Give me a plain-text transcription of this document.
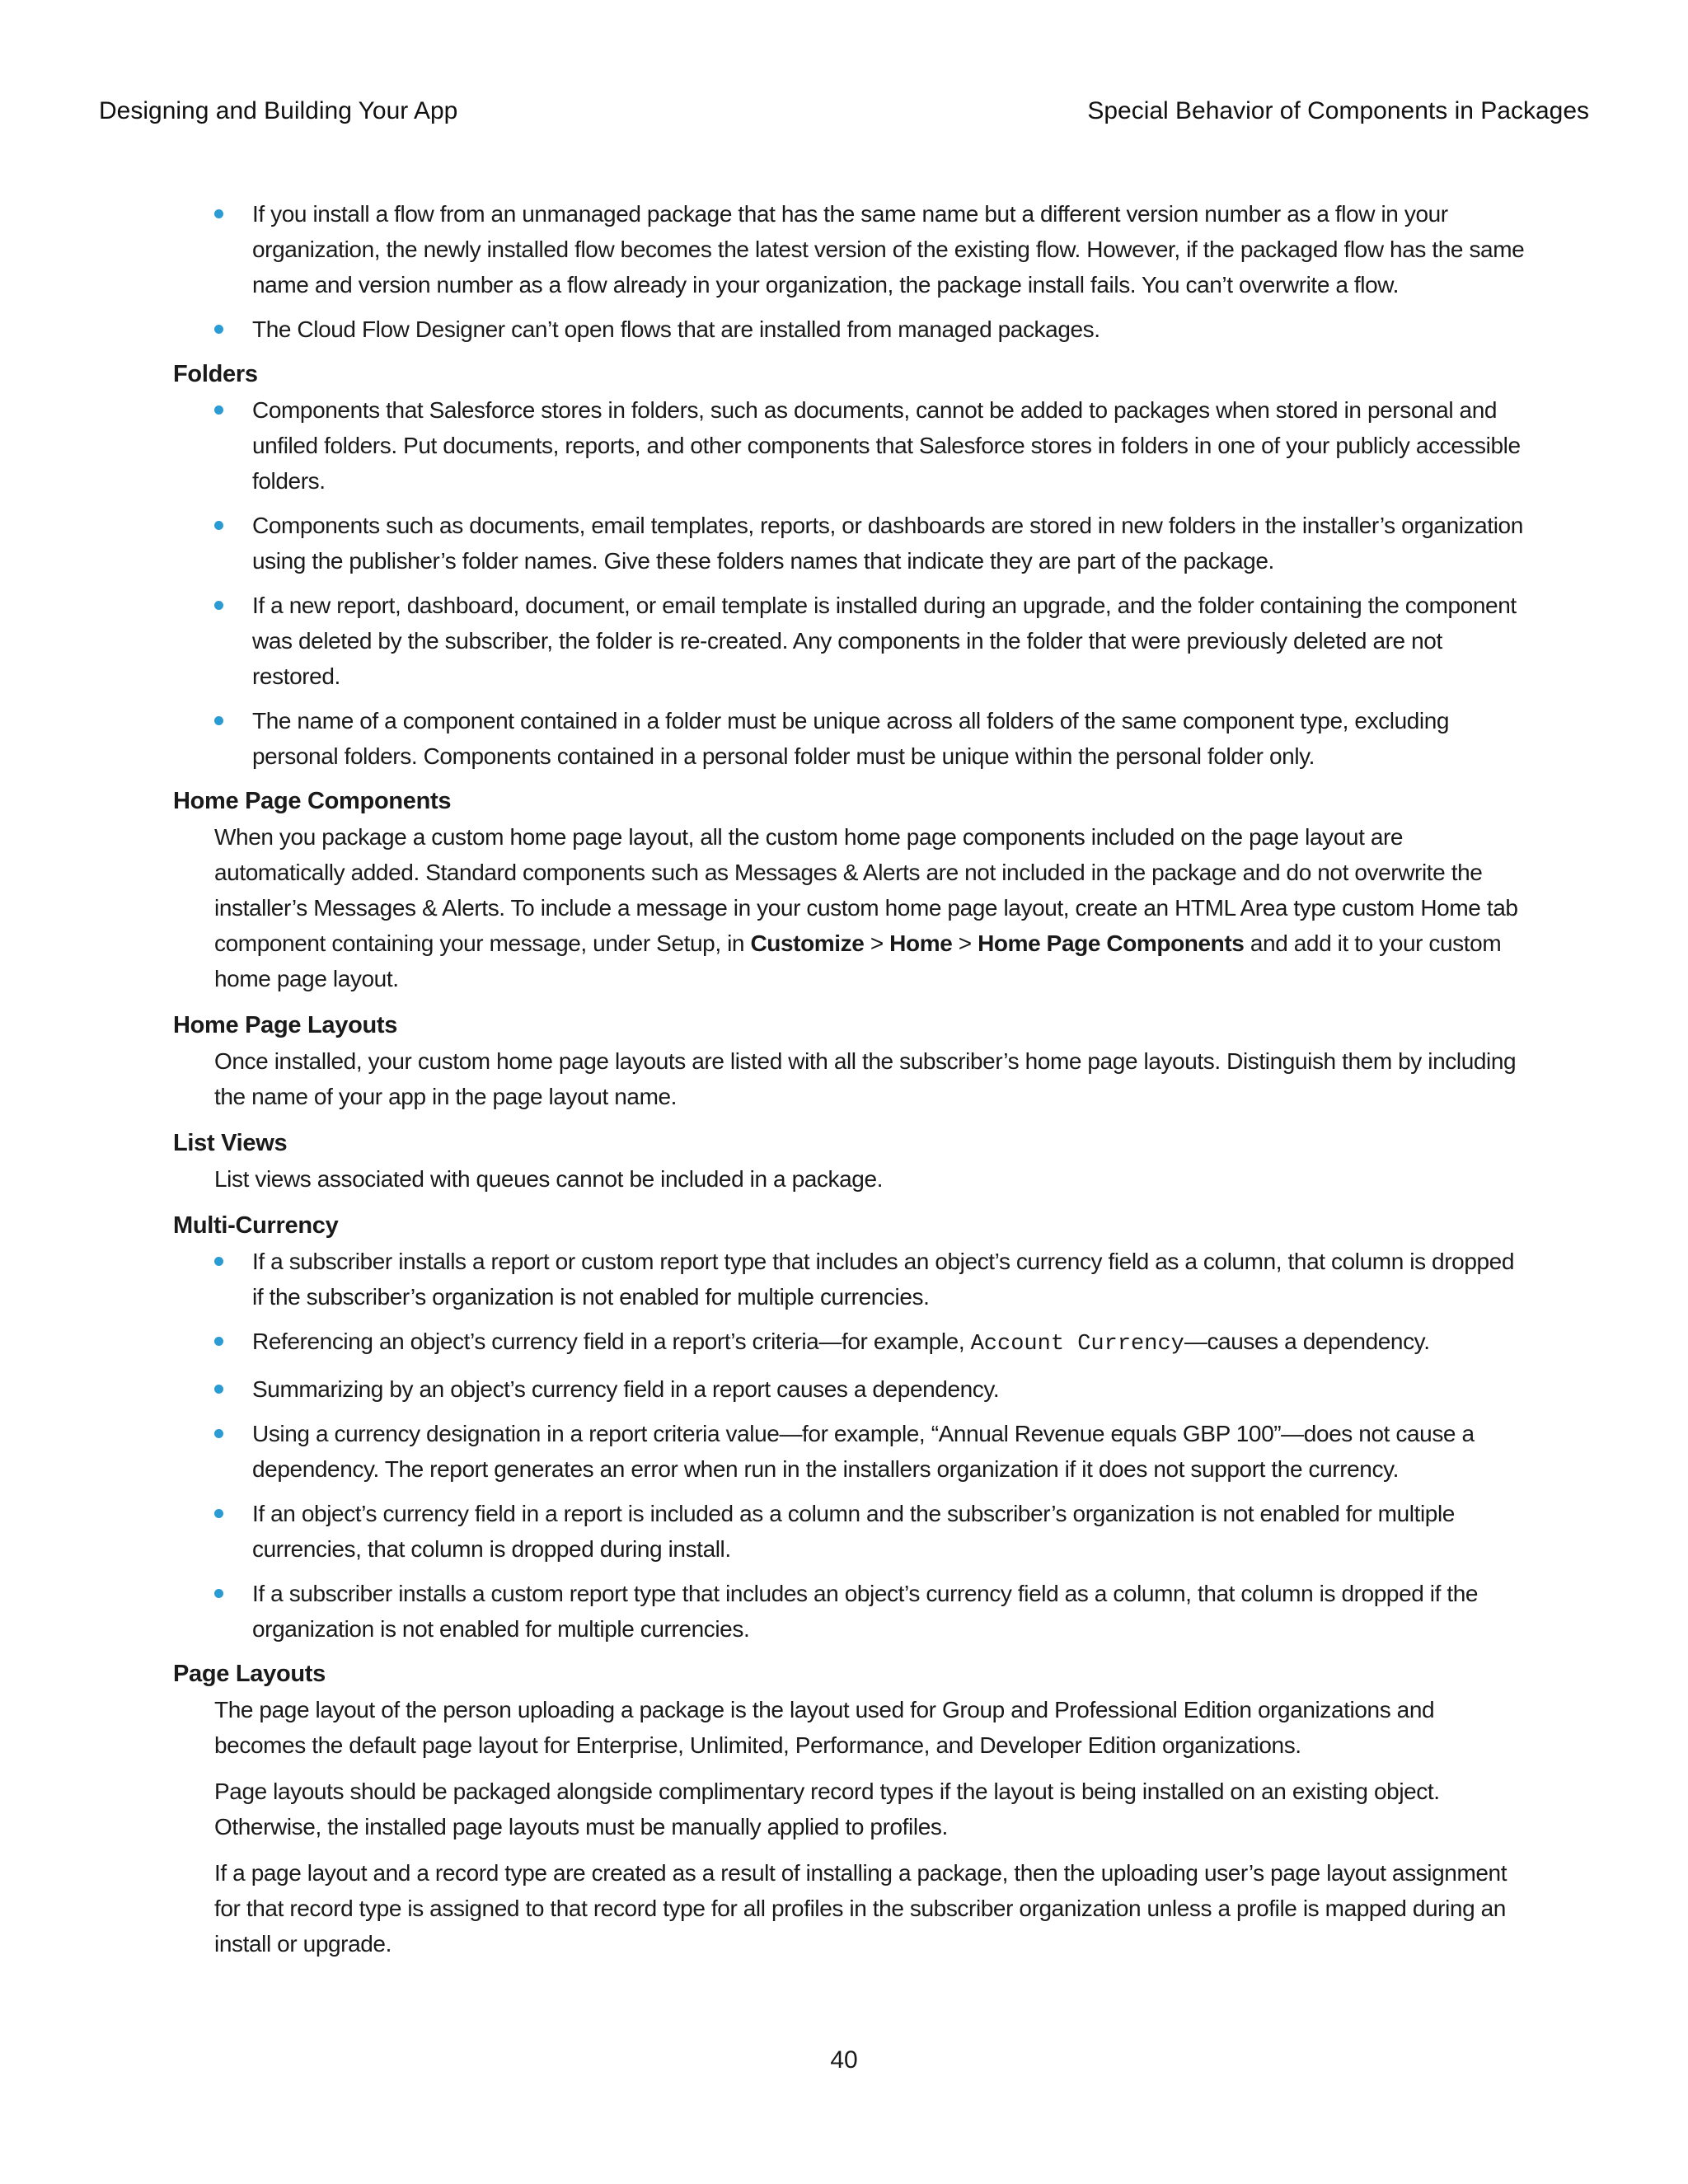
Designing and Building Your App	Special Behavior of Components in Packages
If you install a flow from an unmanaged package that has the same name but a different version number as a flow in your organization, the newly installed flow becomes the latest version of the existing flow. However, if the packaged flow has the same name and version number as a flow already in your organization, the package install fails. You can’t overwrite a flow.
The Cloud Flow Designer can’t open flows that are installed from managed packages.
Folders
Components that Salesforce stores in folders, such as documents, cannot be added to packages when stored in personal and unfiled folders. Put documents, reports, and other components that Salesforce stores in folders in one of your publicly accessible folders.
Components such as documents, email templates, reports, or dashboards are stored in new folders in the installer’s organization using the publisher’s folder names. Give these folders names that indicate they are part of the package.
If a new report, dashboard, document, or email template is installed during an upgrade, and the folder containing the component was deleted by the subscriber, the folder is re-created. Any components in the folder that were previously deleted are not restored.
The name of a component contained in a folder must be unique across all folders of the same component type, excluding personal folders. Components contained in a personal folder must be unique within the personal folder only.
Home Page Components
When you package a custom home page layout, all the custom home page components included on the page layout are automatically added. Standard components such as Messages & Alerts are not included in the package and do not overwrite the installer’s Messages & Alerts. To include a message in your custom home page layout, create an HTML Area type custom Home tab component containing your message, under Setup, in Customize > Home > Home Page Components and add it to your custom home page layout.
Home Page Layouts
Once installed, your custom home page layouts are listed with all the subscriber’s home page layouts. Distinguish them by including the name of your app in the page layout name.
List Views
List views associated with queues cannot be included in a package.
Multi-Currency
If a subscriber installs a report or custom report type that includes an object’s currency field as a column, that column is dropped if the subscriber’s organization is not enabled for multiple currencies.
Referencing an object’s currency field in a report’s criteria—for example, Account Currency—causes a dependency.
Summarizing by an object’s currency field in a report causes a dependency.
Using a currency designation in a report criteria value—for example, “Annual Revenue equals GBP 100”—does not cause a dependency. The report generates an error when run in the installers organization if it does not support the currency.
If an object’s currency field in a report is included as a column and the subscriber’s organization is not enabled for multiple currencies, that column is dropped during install.
If a subscriber installs a custom report type that includes an object’s currency field as a column, that column is dropped if the organization is not enabled for multiple currencies.
Page Layouts
The page layout of the person uploading a package is the layout used for Group and Professional Edition organizations and becomes the default page layout for Enterprise, Unlimited, Performance, and Developer Edition organizations.
Page layouts should be packaged alongside complimentary record types if the layout is being installed on an existing object. Otherwise, the installed page layouts must be manually applied to profiles.
If a page layout and a record type are created as a result of installing a package, then the uploading user’s page layout assignment for that record type is assigned to that record type for all profiles in the subscriber organization unless a profile is mapped during an install or upgrade.
40
